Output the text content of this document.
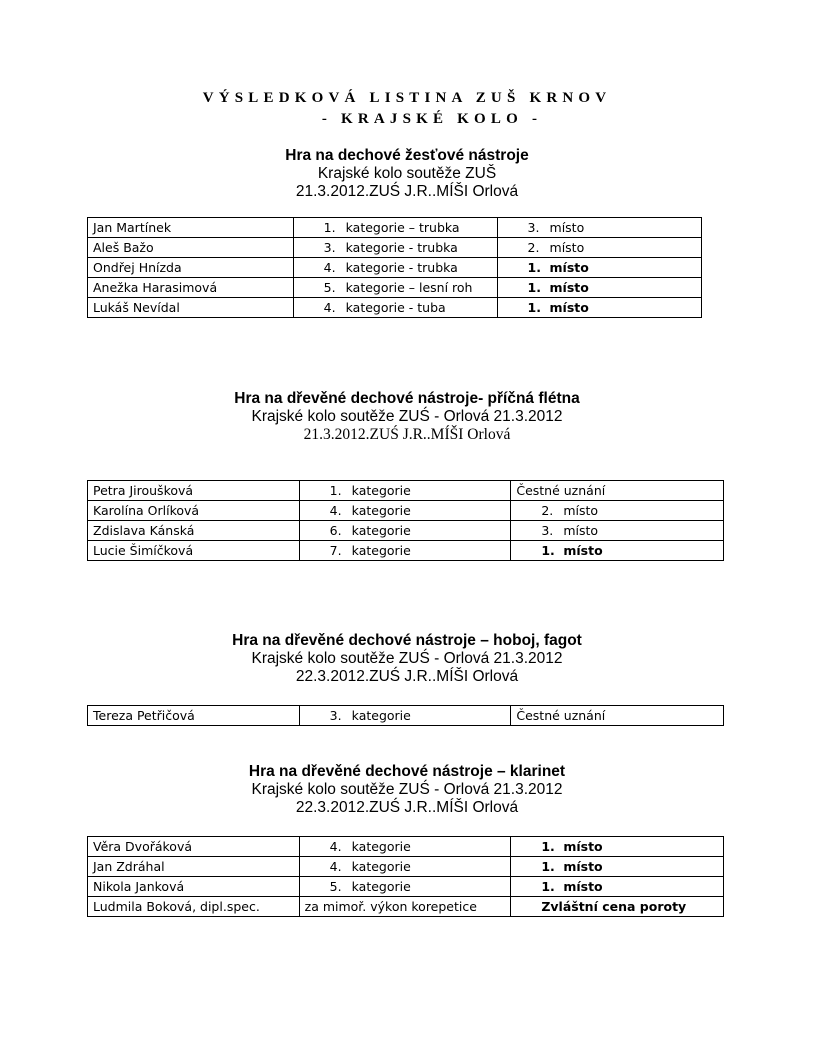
VÝSLEDKOVÁ LISTINA ZUŠ KRNOV
- KRAJSKÉ KOLO -
Hra na dechové žesťové nástroje
Krajské kolo soutěže ZUŠ
21.3.2012.ZUŚ J.R..MÍŠI Orlová
Jan Martínek	1. kategorie – trubka	3. místo
Aleš Bažo	3. kategorie - trubka	2. místo
Ondřej Hnízda	4. kategorie - trubka	1. místo
Anežka Harasimová	5. kategorie – lesní roh	1. místo
Lukáš Nevídal	4. kategorie - tuba	1. místo
Hra na dřevěné dechové nástroje- příčná flétna
Krajské kolo soutěže ZUŚ - Orlová 21.3.2012
21.3.2012.ZUŚ J.R..MÍŠI Orlová
Petra Jiroušková	1. kategorie	Čestné uznání
Karolína Orlíková	4. kategorie	2. místo
Zdislava Kánská	6. kategorie	3. místo
Lucie Šimíčková	7. kategorie	1. místo
Hra na dřevěné dechové nástroje – hoboj, fagot
Krajské kolo soutěže ZUŚ - Orlová 21.3.2012
22.3.2012.ZUŚ J.R..MÍŠI Orlová
Tereza Petřičová	3. kategorie	Čestné uznání
Hra na dřevěné dechové nástroje – klarinet
Krajské kolo soutěže ZUŚ - Orlová 21.3.2012
22.3.2012.ZUŚ J.R..MÍŠI Orlová
Věra Dvořáková	4. kategorie	1. místo
Jan Zdráhal	4. kategorie	1. místo
Nikola Janková	5. kategorie	1. místo
Ludmila Boková, dipl.spec.	za mimoř. výkon korepetice	Zvláštní cena poroty
